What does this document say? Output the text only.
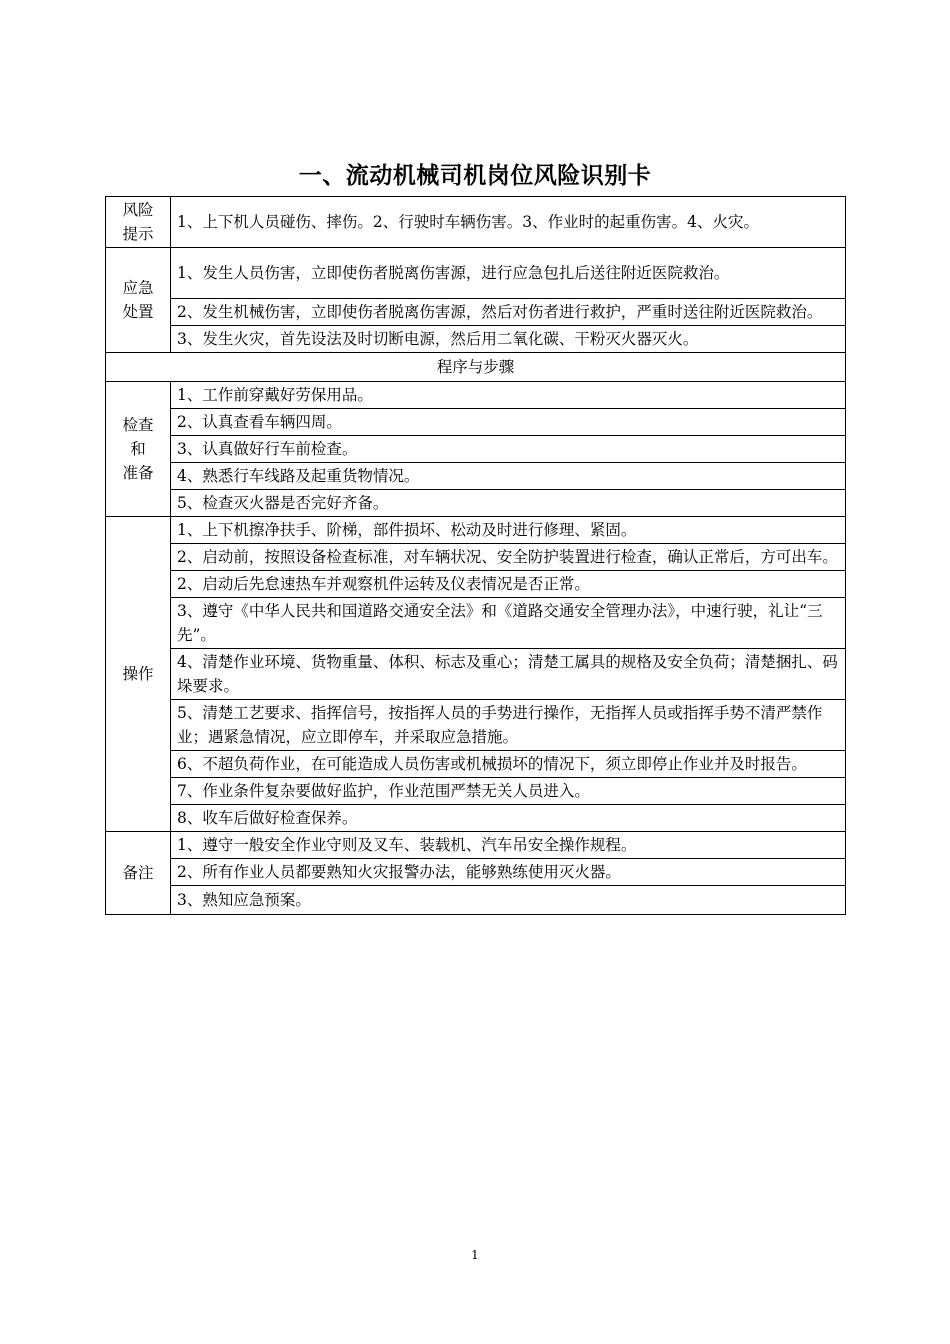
一、流动机械司机岗位风险识别卡
风险
提示	1、上下机人员碰伤、摔伤。2、行驶时车辆伤害。3、作业时的起重伤害。4、火灾。

应急
处置	1、发生人员伤害，立即使伤者脱离伤害源，进行应急包扎后送往附近医院救治。
	2、发生机械伤害，立即使伤者脱离伤害源，然后对伤者进行救护，严重时送往附近医院救治。
	3、发生火灾，首先设法及时切断电源，然后用二氧化碳、干粉灭火器灭火。
程序与步骤	

检查
和
准备	1、工作前穿戴好劳保用品。
	2、认真查看车辆四周。
	3、认真做好行车前检查。
	4、熟悉行车线路及起重货物情况。
	5、检查灭火器是否完好齐备。
操作	1、上下机擦净扶手、阶梯，部件损坏、松动及时进行修理、紧固。
	2、启动前，按照设备检查标准，对车辆状况、安全防护装置进行检查，确认正常后，方可出车。
	2、启动后先怠速热车并观察机件运转及仪表情况是否正常。
	3、遵守《中华人民共和国道路交通安全法》和《道路交通安全管理办法》，中速行驶，礼让“三先”。
	4、清楚作业环境、货物重量、体积、标志及重心；清楚工属具的规格及安全负荷；清楚捆扎、码垛要求。
	5、清楚工艺要求、指挥信号，按指挥人员的手势进行操作，无指挥人员或指挥手势不清严禁作业；遇紧急情况，应立即停车，并采取应急措施。
	6、不超负荷作业，在可能造成人员伤害或机械损坏的情况下，须立即停止作业并及时报告。
	7、作业条件复杂要做好监护，作业范围严禁无关人员进入。
	8、收车后做好检查保养。
备注	1、遵守一般安全作业守则及叉车、装载机、汽车吊安全操作规程。
	2、所有作业人员都要熟知火灾报警办法，能够熟练使用灭火器。
	3、熟知应急预案。
1
